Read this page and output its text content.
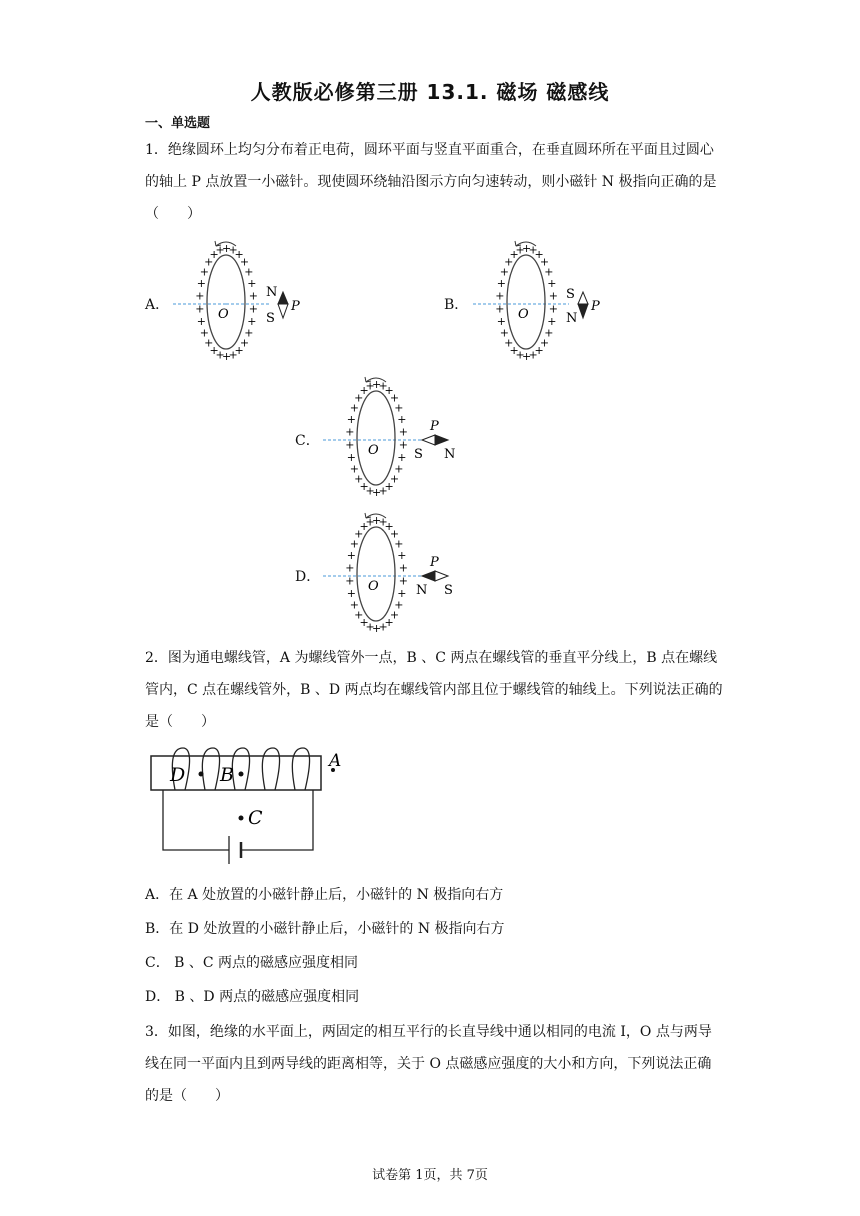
人教版必修第三册 13.1. 磁场 磁感线
一、单选题
1．绝缘圆环上均匀分布着正电荷，圆环平面与竖直平面重合，在垂直圆环所在平面且过圆心的轴上 P 点放置一小磁针。现使圆环绕轴沿图示方向匀速转动，则小磁针 N 极指向正确的是（　　）
A．
O
+
+
+
+
+
+
+
+
+
+
+
+
+
+
+
+
+
+
+
+
+
+
+
+
+
+
N
S
P	B．
O
+
+
+
+
+
+
+
+
+
+
+
+
+
+
+
+
+
+
+
+
+
+
+
+
+
+
S
N
P
C．
O
+
+
+
+
+
+
+
+
+
+
+
+
+
+
+
+
+
+
+
+
+
+
+
+
+
+
S N
P
D．
O
+
+
+
+
+
+
+
+
+
+
+
+
+
+
+
+
+
+
+
+
+
+
+
+
+
+
N S
P
2．图为通电螺线管，A 为螺线管外一点，B 、C 两点在螺线管的垂直平分线上，B 点在螺线管内，C 点在螺线管外，B 、D 两点均在螺线管内部且位于螺线管的轴线上。下列说法正确的是（　　）
D B
A
C
A．在 A 处放置的小磁针静止后，小磁针的 N 极指向右方
B．在 D 处放置的小磁针静止后，小磁针的 N 极指向右方
C． B 、C 两点的磁感应强度相同
D． B 、D 两点的磁感应强度相同
3．如图，绝缘的水平面上，两固定的相互平行的长直导线中通以相同的电流 I，O 点与两导线在同一平面内且到两导线的距离相等，关于 O 点磁感应强度的大小和方向，下列说法正确的是（　　）
试卷第 1页，共 7页
